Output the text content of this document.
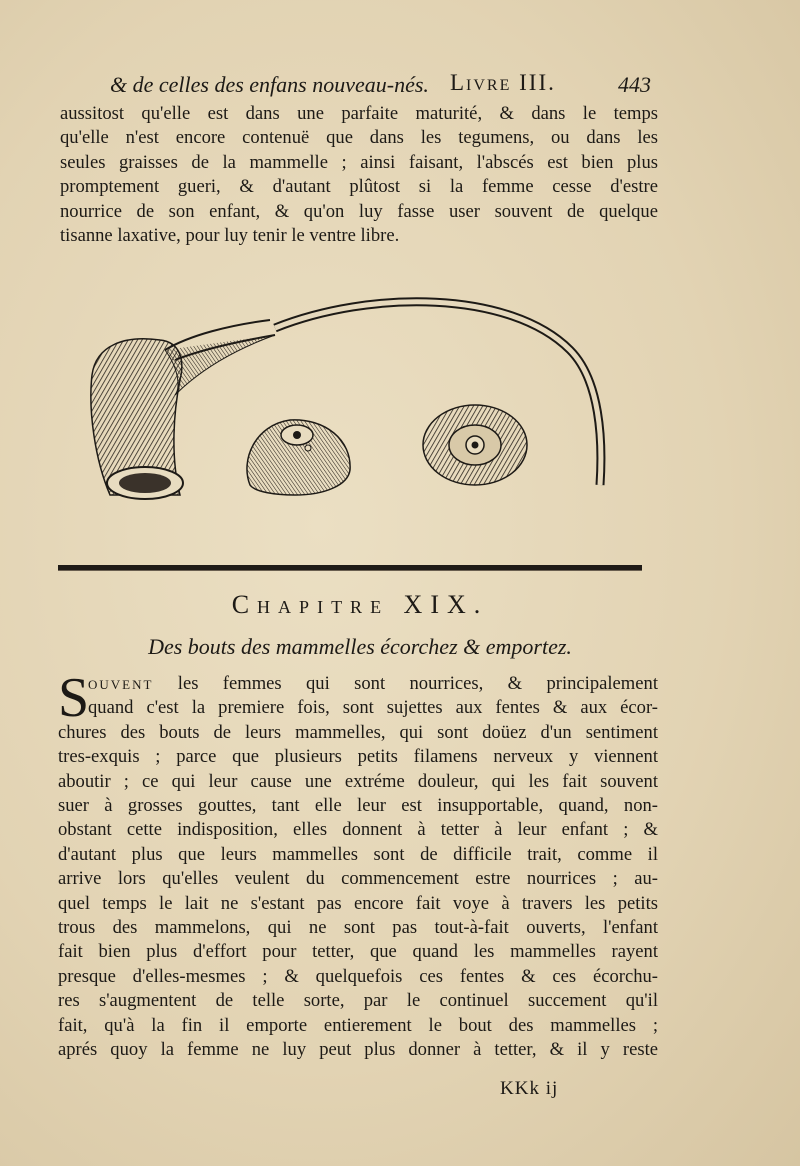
& de celles des enfans nouveau-nés. Livre III.	443
aussitost qu'elle est dans une parfaite maturité, & dans le temps
qu'elle n'est encore contenuë que dans les tegumens, ou dans les
seules graisses de la mammelle ; ainsi faisant, l'abscés est bien plus
promptement gueri, & d'autant plûtost si la femme cesse d'estre
nourrice de son enfant, & qu'on luy fasse user souvent de quelque
tisanne laxative, pour luy tenir le ventre libre.
Chapitre XIX.
Des bouts des mammelles écorchez & emportez.
S
ouvent les femmes qui sont nourrices, & principalement
quand c'est la premiere fois, sont sujettes aux fentes & aux écor-
chures des bouts de leurs mammelles, qui sont doüez d'un sentiment
tres-exquis ; parce que plusieurs petits filamens nerveux y viennent
aboutir ; ce qui leur cause une extréme douleur, qui les fait souvent
suer à grosses gouttes, tant elle leur est insupportable, quand, non-
obstant cette indisposition, elles donnent à tetter à leur enfant ; &
d'autant plus que leurs mammelles sont de difficile trait, comme il
arrive lors qu'elles veulent du commencement estre nourrices ; au-
quel temps le lait ne s'estant pas encore fait voye à travers les petits
trous des mammelons, qui ne sont pas tout-à-fait ouverts, l'enfant
fait bien plus d'effort pour tetter, que quand les mammelles rayent
presque d'elles-mesmes ; & quelquefois ces fentes & ces écorchu-
res s'augmentent de telle sorte, par le continuel succement qu'il
fait, qu'à la fin il emporte entierement le bout des mammelles ;
aprés quoy la femme ne luy peut plus donner à tetter, & il y reste
KKk ij
